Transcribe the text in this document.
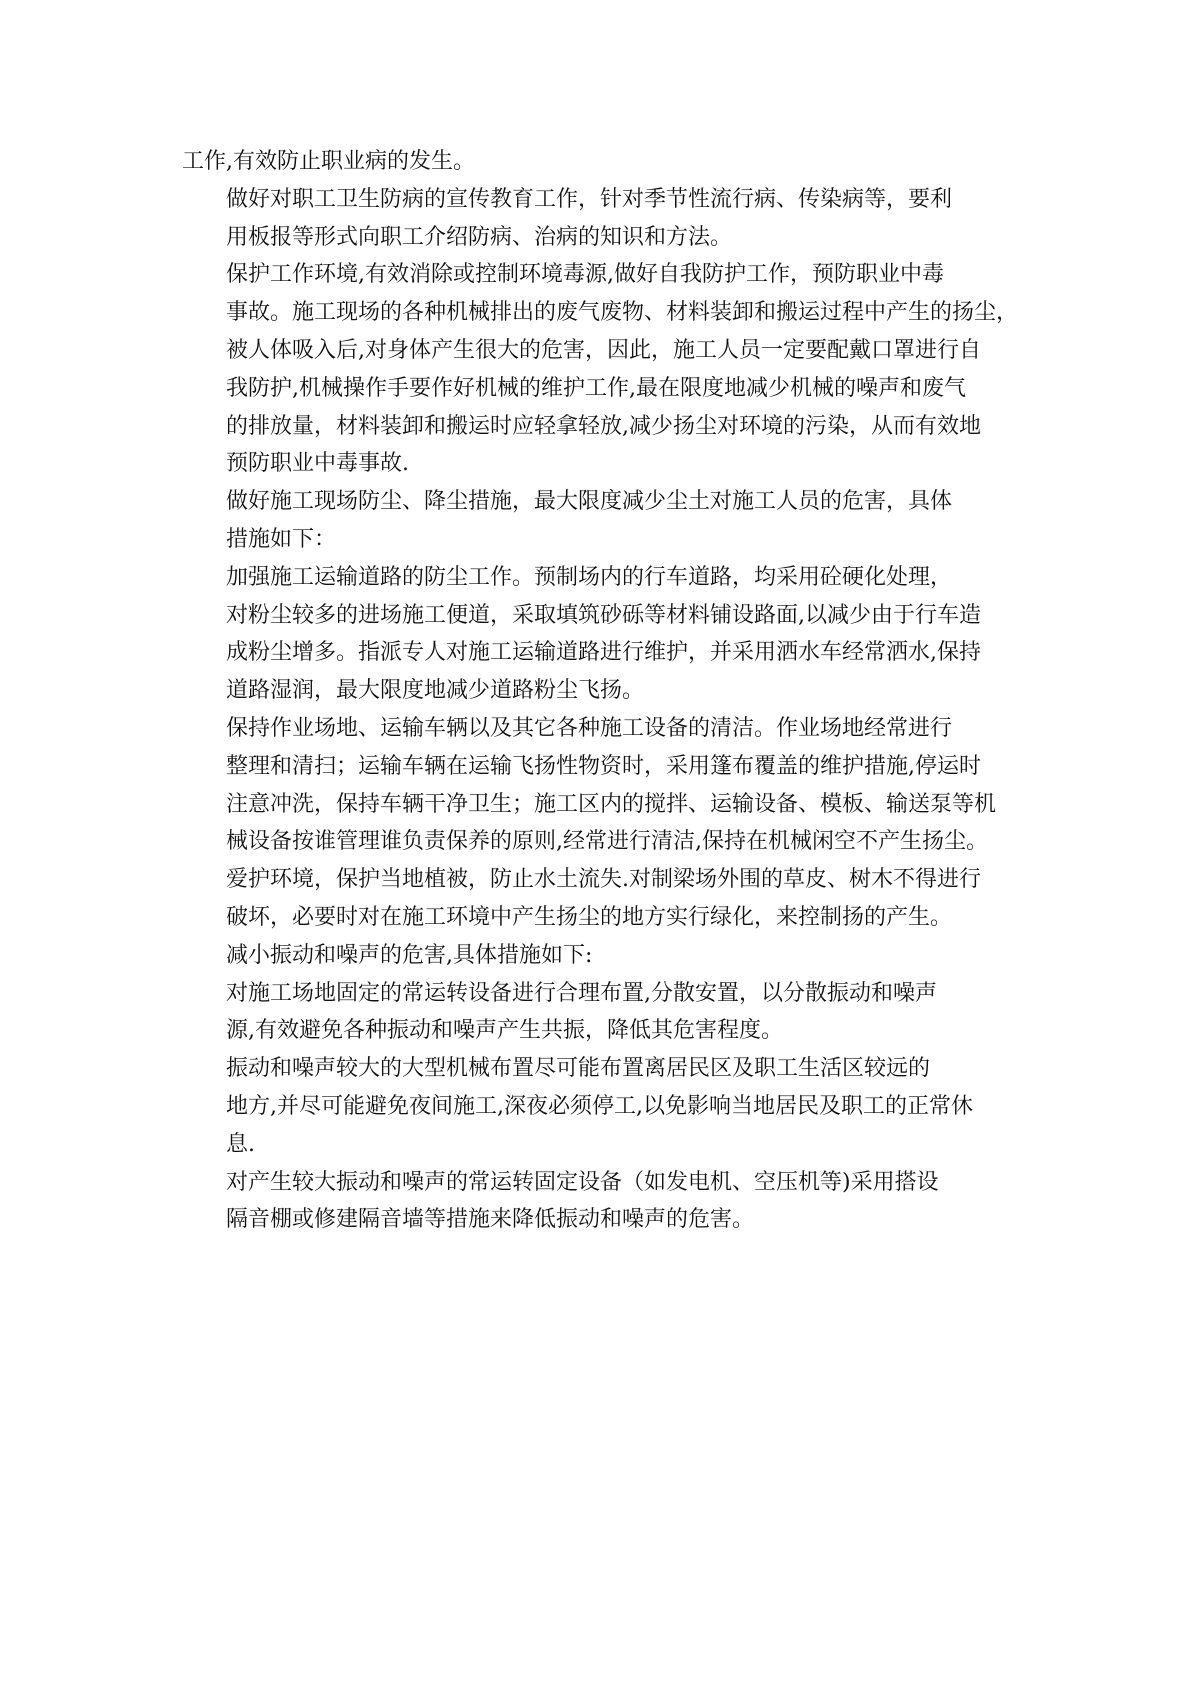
工作,有效防止职业病的发生。

做好对职工卫生防病的宣传教育工作，针对季节性流行病、传染病等，要利
用板报等形式向职工介绍防病、治病的知识和方法。

保护工作环境,有效消除或控制环境毒源,做好自我防护工作，预防职业中毒
事故。施工现场的各种机械排出的废气废物、材料装卸和搬运过程中产生的扬尘，
被人体吸入后,对身体产生很大的危害，因此，施工人员一定要配戴口罩进行自
我防护,机械操作手要作好机械的维护工作,最在限度地减少机械的噪声和废气
的排放量，材料装卸和搬运时应轻拿轻放,减少扬尘对环境的污染，从而有效地
预防职业中毒事故.

做好施工现场防尘、降尘措施，最大限度减少尘土对施工人员的危害，具体
措施如下：

加强施工运输道路的防尘工作。预制场内的行车道路，均采用砼硬化处理，
对粉尘较多的进场施工便道，采取填筑砂砾等材料铺设路面,以减少由于行车造
成粉尘增多。指派专人对施工运输道路进行维护，并采用洒水车经常洒水,保持
道路湿润，最大限度地减少道路粉尘飞扬。

保持作业场地、运输车辆以及其它各种施工设备的清洁。作业场地经常进行
整理和清扫；运输车辆在运输飞扬性物资时，采用篷布覆盖的维护措施,停运时
注意冲洗，保持车辆干净卫生；施工区内的搅拌、运输设备、模板、输送泵等机
械设备按谁管理谁负责保养的原则,经常进行清洁,保持在机械闲空不产生扬尘。
爱护环境，保护当地植被，防止水土流失.对制梁场外围的草皮、树木不得进行
破坏，必要时对在施工环境中产生扬尘的地方实行绿化，来控制扬的产生。

减小振动和噪声的危害,具体措施如下:

对施工场地固定的常运转设备进行合理布置,分散安置，以分散振动和噪声
源,有效避免各种振动和噪声产生共振，降低其危害程度。

振动和噪声较大的大型机械布置尽可能布置离居民区及职工生活区较远的
地方,并尽可能避免夜间施工,深夜必须停工,以免影响当地居民及职工的正常休
息.

对产生较大振动和噪声的常运转固定设备（如发电机、空压机等)采用搭设
隔音棚或修建隔音墙等措施来降低振动和噪声的危害。
